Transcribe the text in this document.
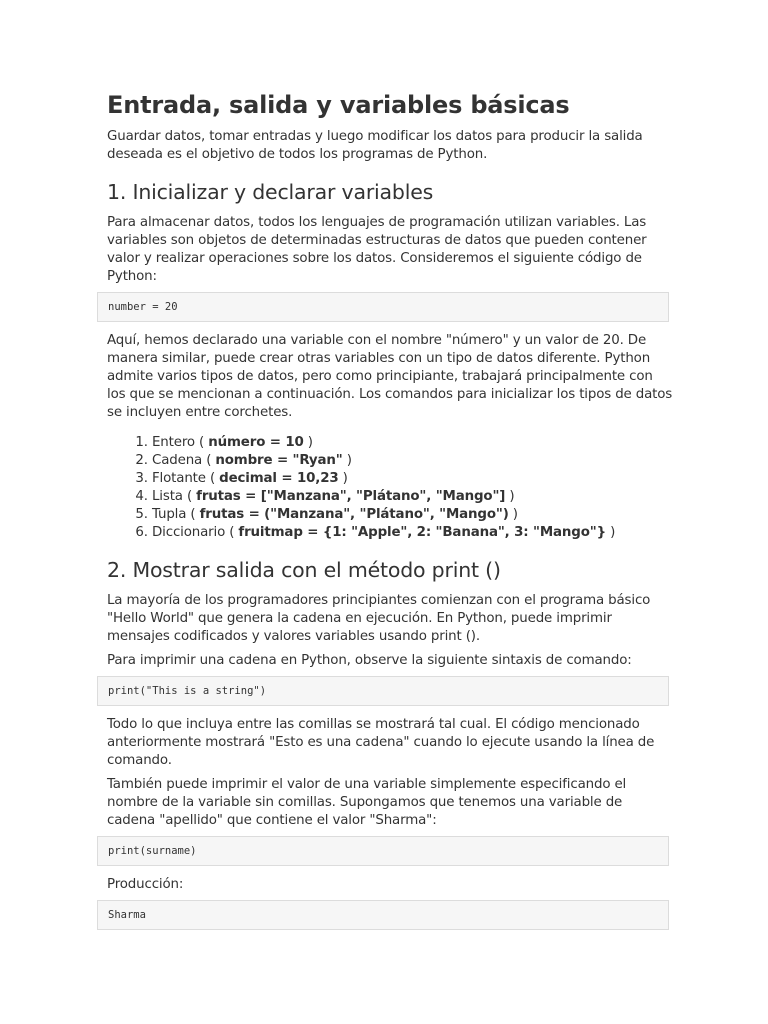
Entrada, salida y variables básicas

Guardar datos, tomar entradas y luego modificar los datos para producir la salida deseada es el objetivo de todos los programas de Python.

1. Inicializar y declarar variables

Para almacenar datos, todos los lenguajes de programación utilizan variables. Las variables son objetos de determinadas estructuras de datos que pueden contener valor y realizar operaciones sobre los datos. Consideremos el siguiente código de Python:

number = 20

Aquí, hemos declarado una variable con el nombre "número" y un valor de 20. De manera similar, puede crear otras variables con un tipo de datos diferente. Python admite varios tipos de datos, pero como principiante, trabajará principalmente con los que se mencionan a continuación. Los comandos para inicializar los tipos de datos se incluyen entre corchetes.

1. Entero ( número = 10 )
2. Cadena ( nombre = "Ryan" )
3. Flotante ( decimal = 10,23 )
4. Lista ( frutas = ["Manzana", "Plátano", "Mango"] )
5. Tupla ( frutas = ("Manzana", "Plátano", "Mango") )
6. Diccionario ( fruitmap = {1: "Apple", 2: "Banana", 3: "Mango"} )
2. Mostrar salida con el método print ()

La mayoría de los programadores principiantes comienzan con el programa básico "Hello World" que genera la cadena en ejecución. En Python, puede imprimir mensajes codificados y valores variables usando print ().

Para imprimir una cadena en Python, observe la siguiente sintaxis de comando:

print("This is a string")

Todo lo que incluya entre las comillas se mostrará tal cual. El código mencionado anteriormente mostrará "Esto es una cadena" cuando lo ejecute usando la línea de comando.

También puede imprimir el valor de una variable simplemente especificando el nombre de la variable sin comillas. Supongamos que tenemos una variable de cadena "apellido" que contiene el valor "Sharma":

print(surname)

Producción:

Sharma
